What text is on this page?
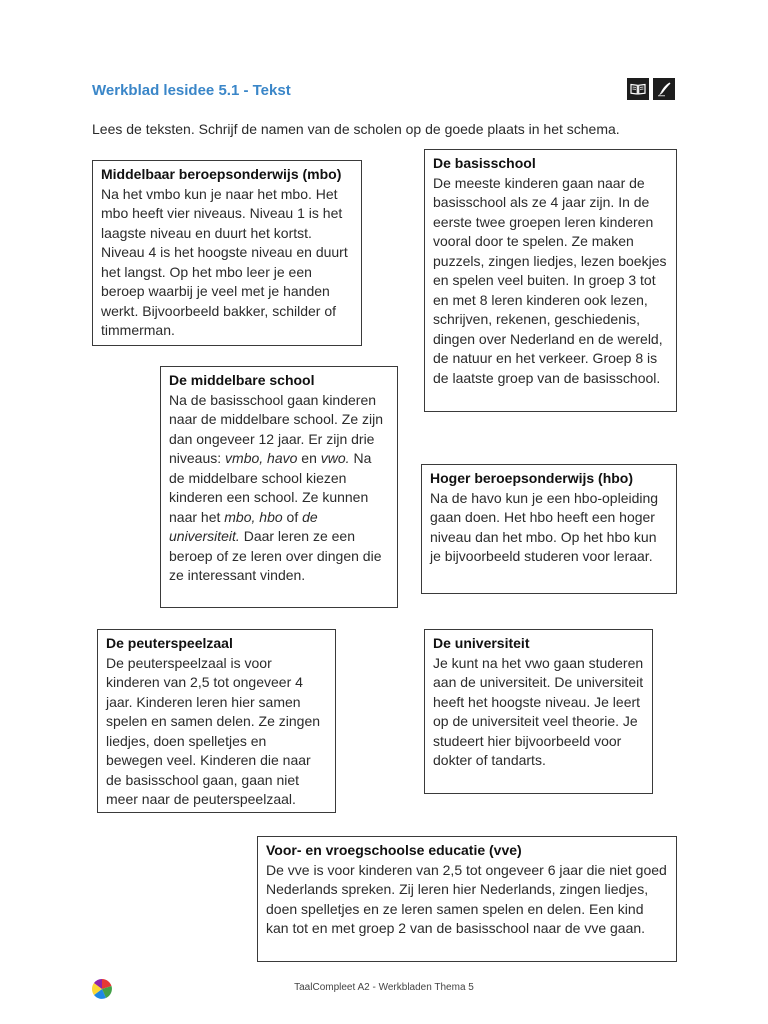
Werkblad lesidee 5.1 - Tekst

Lees de teksten. Schrijf de namen van de scholen op de goede plaats in het schema.

Middelbaar beroepsonderwijs (mbo)

Na het vmbo kun je naar het mbo. Het mbo heeft vier niveaus. Niveau 1 is het laagste niveau en duurt het kortst. Niveau 4 is het hoogste niveau en duurt het langst. Op het mbo leer je een beroep waarbij je veel met je handen werkt. Bijvoorbeeld bakker, schilder of timmerman.

De basisschool

De meeste kinderen gaan naar de basisschool als ze 4 jaar zijn. In de eerste twee groepen leren kinderen vooral door te spelen. Ze maken puzzels, zingen liedjes, lezen boekjes en spelen veel buiten. In groep 3 tot en met 8 leren kinderen ook lezen, schrijven, rekenen, geschiedenis, dingen over Nederland en de wereld, de natuur en het verkeer. Groep 8 is de laatste groep van de basisschool.

De middelbare school

Na de basisschool gaan kinderen naar de middelbare school. Ze zijn dan ongeveer 12 jaar. Er zijn drie niveaus: vmbo, havo en vwo. Na de middelbare school kiezen kinderen een school. Ze kunnen naar het mbo, hbo of de universiteit. Daar leren ze een beroep of ze leren over dingen die ze interessant vinden.

Hoger beroepsonderwijs (hbo)

Na de havo kun je een hbo-opleiding gaan doen. Het hbo heeft een hoger niveau dan het mbo. Op het hbo kun je bijvoorbeeld studeren voor leraar.

De peuterspeelzaal

De peuterspeelzaal is voor kinderen van 2,5 tot ongeveer 4 jaar. Kinderen leren hier samen spelen en samen delen. Ze zingen liedjes, doen spelletjes en bewegen veel. Kinderen die naar de basisschool gaan, gaan niet meer naar de peuterspeelzaal.

De universiteit

Je kunt na het vwo gaan studeren aan de universiteit. De universiteit heeft het hoogste niveau. Je leert op de universiteit veel theorie. Je studeert hier bijvoorbeeld voor dokter of tandarts.

Voor- en vroegschoolse educatie (vve)

De vve is voor kinderen van 2,5 tot ongeveer 6 jaar die niet goed Nederlands spreken. Zij leren hier Nederlands, zingen liedjes, doen spelletjes en ze leren samen spelen en delen. Een kind kan tot en met groep 2 van de basisschool naar de vve gaan.

TaalCompleet A2 - Werkbladen Thema 5
